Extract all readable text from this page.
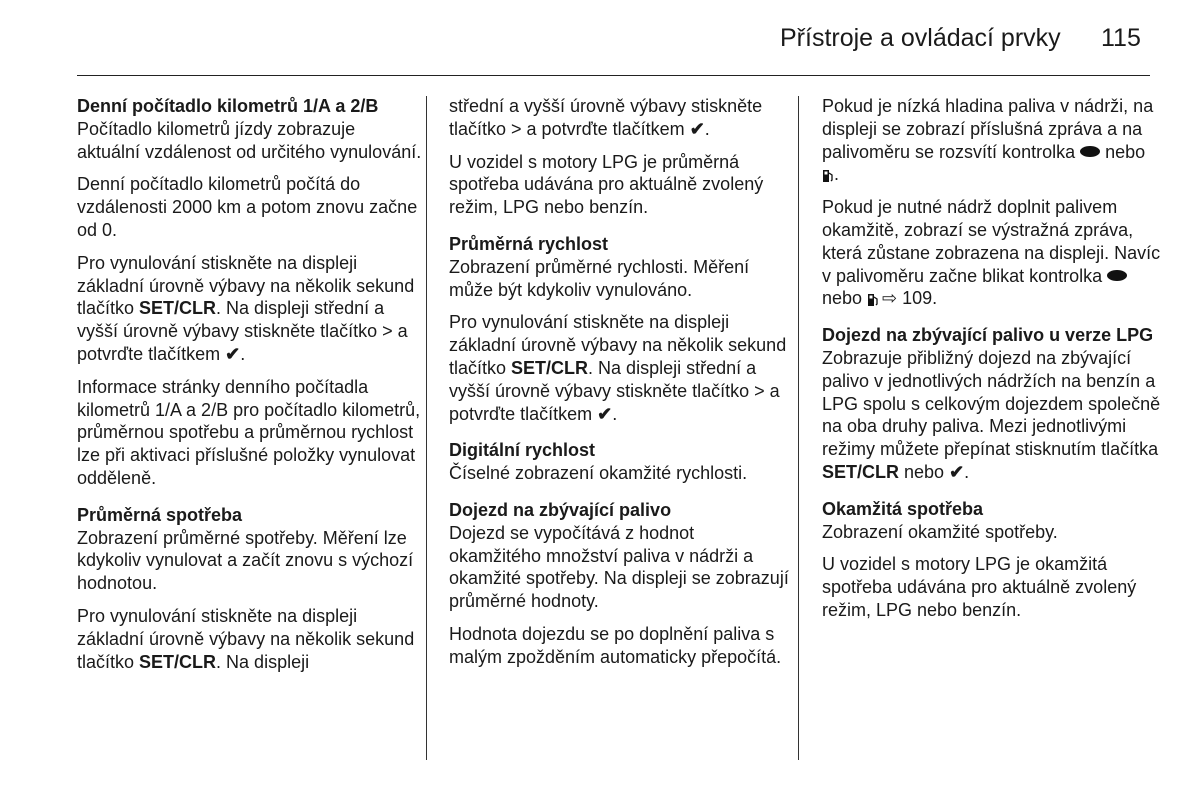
Přístroje a ovládací prvky 115
Denní počítadlo kilometrů 1/A a 2/B

Počítadlo kilometrů jízdy zobrazuje aktuální vzdálenost od určitého vynulování.

Denní počítadlo kilometrů počítá do vzdálenosti 2000 km a potom znovu začne od 0.

Pro vynulování stiskněte na displeji základní úrovně výbavy na několik sekund tlačítko SET/CLR. Na displeji střední a vyšší úrovně výbavy stiskněte tlačítko > a potvrďte tlačítkem ✔.

Informace stránky denního počítadla kilometrů 1/A a 2/B pro počítadlo kilometrů, průměrnou spotřebu a průměrnou rychlost lze při aktivaci příslušné položky vynulovat odděleně.

Průměrná spotřeba

Zobrazení průměrné spotřeby. Měření lze kdykoliv vynulovat a začít znovu s výchozí hodnotou.

Pro vynulování stiskněte na displeji základní úrovně výbavy na několik sekund tlačítko SET/CLR. Na displeji

střední a vyšší úrovně výbavy stiskněte tlačítko > a potvrďte tlačítkem ✔.

U vozidel s motory LPG je průměrná spotřeba udávána pro aktuálně zvolený režim, LPG nebo benzín.

Průměrná rychlost

Zobrazení průměrné rychlosti. Měření může být kdykoliv vynulováno.

Pro vynulování stiskněte na displeji základní úrovně výbavy na několik sekund tlačítko SET/CLR. Na displeji střední a vyšší úrovně výbavy stiskněte tlačítko > a potvrďte tlačítkem ✔.

Digitální rychlost

Číselné zobrazení okamžité rychlosti.

Dojezd na zbývající palivo

Dojezd se vypočítává z hodnot okamžitého množství paliva v nádrži a okamžité spotřeby. Na displeji se zobrazují průměrné hodnoty.

Hodnota dojezdu se po doplnění paliva s malým zpožděním automaticky přepočítá.

Pokud je nízká hladina paliva v nádrži, na displeji se zobrazí příslušná zpráva a na palivoměru se rozsvítí kontrolka  nebo .

Pokud je nutné nádrž doplnit palivem okamžitě, zobrazí se výstražná zpráva, která zůstane zobrazena na displeji. Navíc v palivoměru začne blikat kontrolka  nebo ⇨ 109.

Dojezd na zbývající palivo u verze LPG

Zobrazuje přibližný dojezd na zbývající palivo v jednotlivých nádržích na benzín a LPG spolu s celkovým dojezdem společně na oba druhy paliva. Mezi jednotlivými režimy můžete přepínat stisknutím tlačítka SET/CLR nebo ✔.

Okamžitá spotřeba

Zobrazení okamžité spotřeby.

U vozidel s motory LPG je okamžitá spotřeba udávána pro aktuálně zvolený režim, LPG nebo benzín.
